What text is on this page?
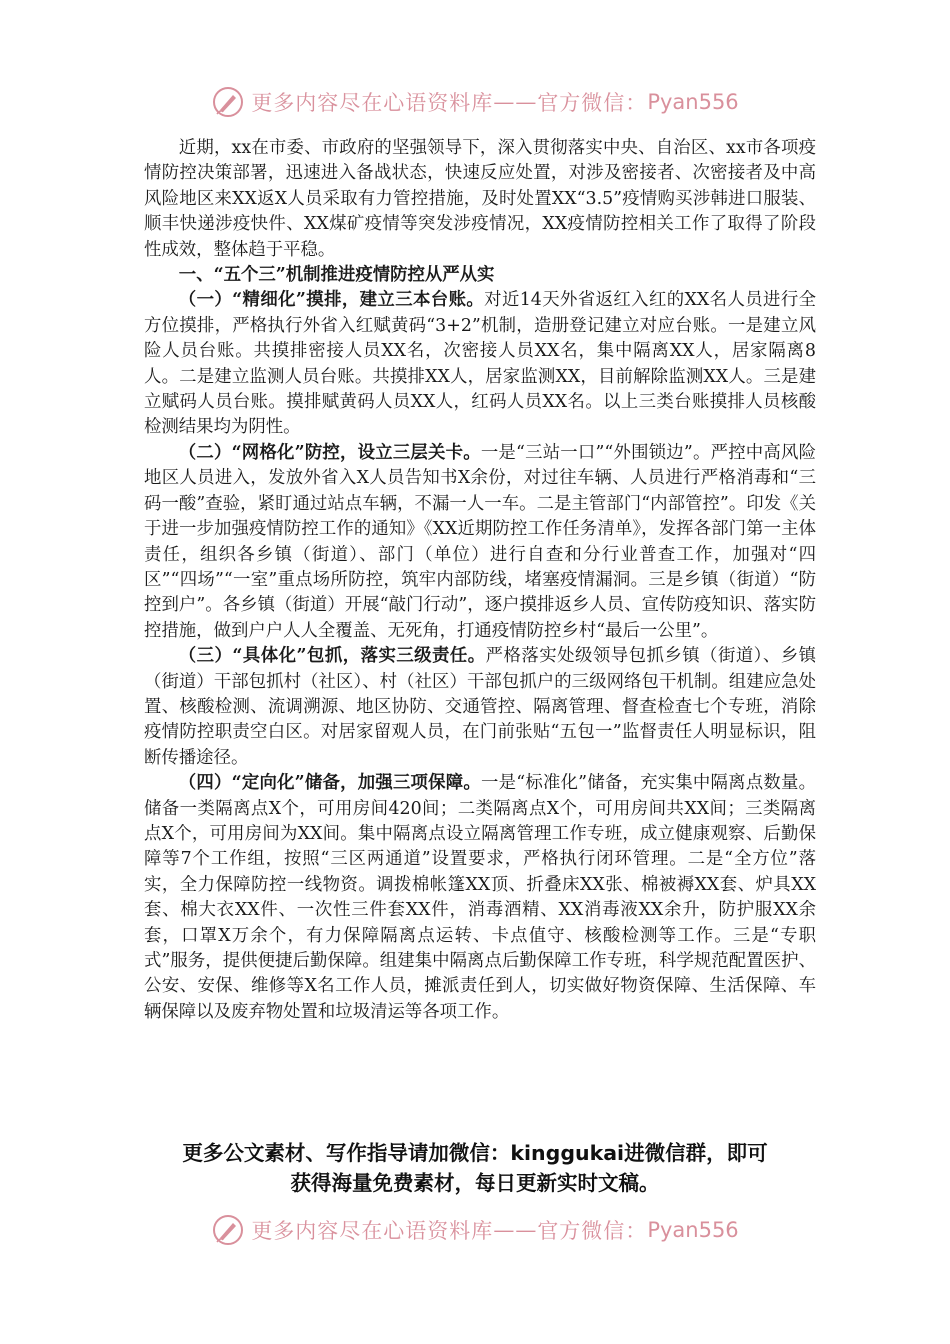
更多内容尽在心语资料库 —— 官方微信： Pyan556

近期，xx在市委、市政府的坚强领导下，深入贯彻落实中央、自治区、xx市各项疫情防控决策部署，迅速进入备战状态，快速反应处置，对涉及密接者、次密接者及中高风险地区来XX返X人员采取有力管控措施，及时处置XX“3.5”疫情购买涉韩进口服装、顺丰快递涉疫快件、XX煤矿疫情等突发涉疫情况，XX疫情防控相关工作了取得了阶段性成效，整体趋于平稳。

一、“五个三”机制推进疫情防控从严从实

（一）“精细化”摸排，建立三本台账。对近14天外省返红入红的XX名人员进行全方位摸排，严格执行外省入红赋黄码“3+2”机制，造册登记建立对应台账。一是建立风险人员台账。共摸排密接人员XX名，次密接人员XX名，集中隔离XX人，居家隔离8人。二是建立监测人员台账。共摸排XX人，居家监测XX，目前解除监测XX人。三是建立赋码人员台账。摸排赋黄码人员XX人，红码人员XX名。以上三类台账摸排人员核酸检测结果均为阴性。

（二）“网格化”防控，设立三层关卡。一是“三站一口”“外围锁边”。严控中高风险地区人员进入，发放外省入X人员告知书X余份，对过往车辆、人员进行严格消毒和“三码一酸”查验，紧盯通过站点车辆，不漏一人一车。二是主管部门“内部管控”。印发《关于进一步加强疫情防控工作的通知》《XX近期防控工作任务清单》，发挥各部门第一主体责任，组织各乡镇（街道）、部门（单位）进行自查和分行业普查工作，加强对“四区”“四场”“一室”重点场所防控，筑牢内部防线，堵塞疫情漏洞。三是乡镇（街道）“防控到户”。各乡镇（街道）开展“敲门行动”，逐户摸排返乡人员、宣传防疫知识、落实防控措施，做到户户人人全覆盖、无死角，打通疫情防控乡村“最后一公里”。

（三）“具体化”包抓，落实三级责任。严格落实处级领导包抓乡镇（街道）、乡镇（街道）干部包抓村（社区）、村（社区）干部包抓户的三级网络包干机制。组建应急处置、核酸检测、流调溯源、地区协防、交通管控、隔离管理、督查检查七个专班，消除疫情防控职责空白区。对居家留观人员，在门前张贴“五包一”监督责任人明显标识，阻断传播途径。

（四）“定向化”储备，加强三项保障。一是“标准化”储备，充实集中隔离点数量。储备一类隔离点X个，可用房间420间；二类隔离点X个，可用房间共XX间；三类隔离点X个，可用房间为XX间。集中隔离点设立隔离管理工作专班，成立健康观察、后勤保障等7个工作组，按照“三区两通道”设置要求，严格执行闭环管理。二是“全方位”落实，全力保障防控一线物资。调拨棉帐篷XX顶、折叠床XX张、棉被褥XX套、炉具XX套、棉大衣XX件、一次性三件套XX件，消毒酒精、XX消毒液XX余升，防护服XX余套，口罩X万余个，有力保障隔离点运转、卡点值守、核酸检测等工作。三是“专职式”服务，提供便捷后勤保障。组建集中隔离点后勤保障工作专班，科学规范配置医护、公安、安保、维修等X名工作人员，摊派责任到人，切实做好物资保障、生活保障、车辆保障以及废弃物处置和垃圾清运等各项工作。

更多公文素材、写作指导请加微信：kinggukai进微信群，即可
获得海量免费素材，每日更新实时文稿。
更多内容尽在心语资料库 —— 官方微信： Pyan556
